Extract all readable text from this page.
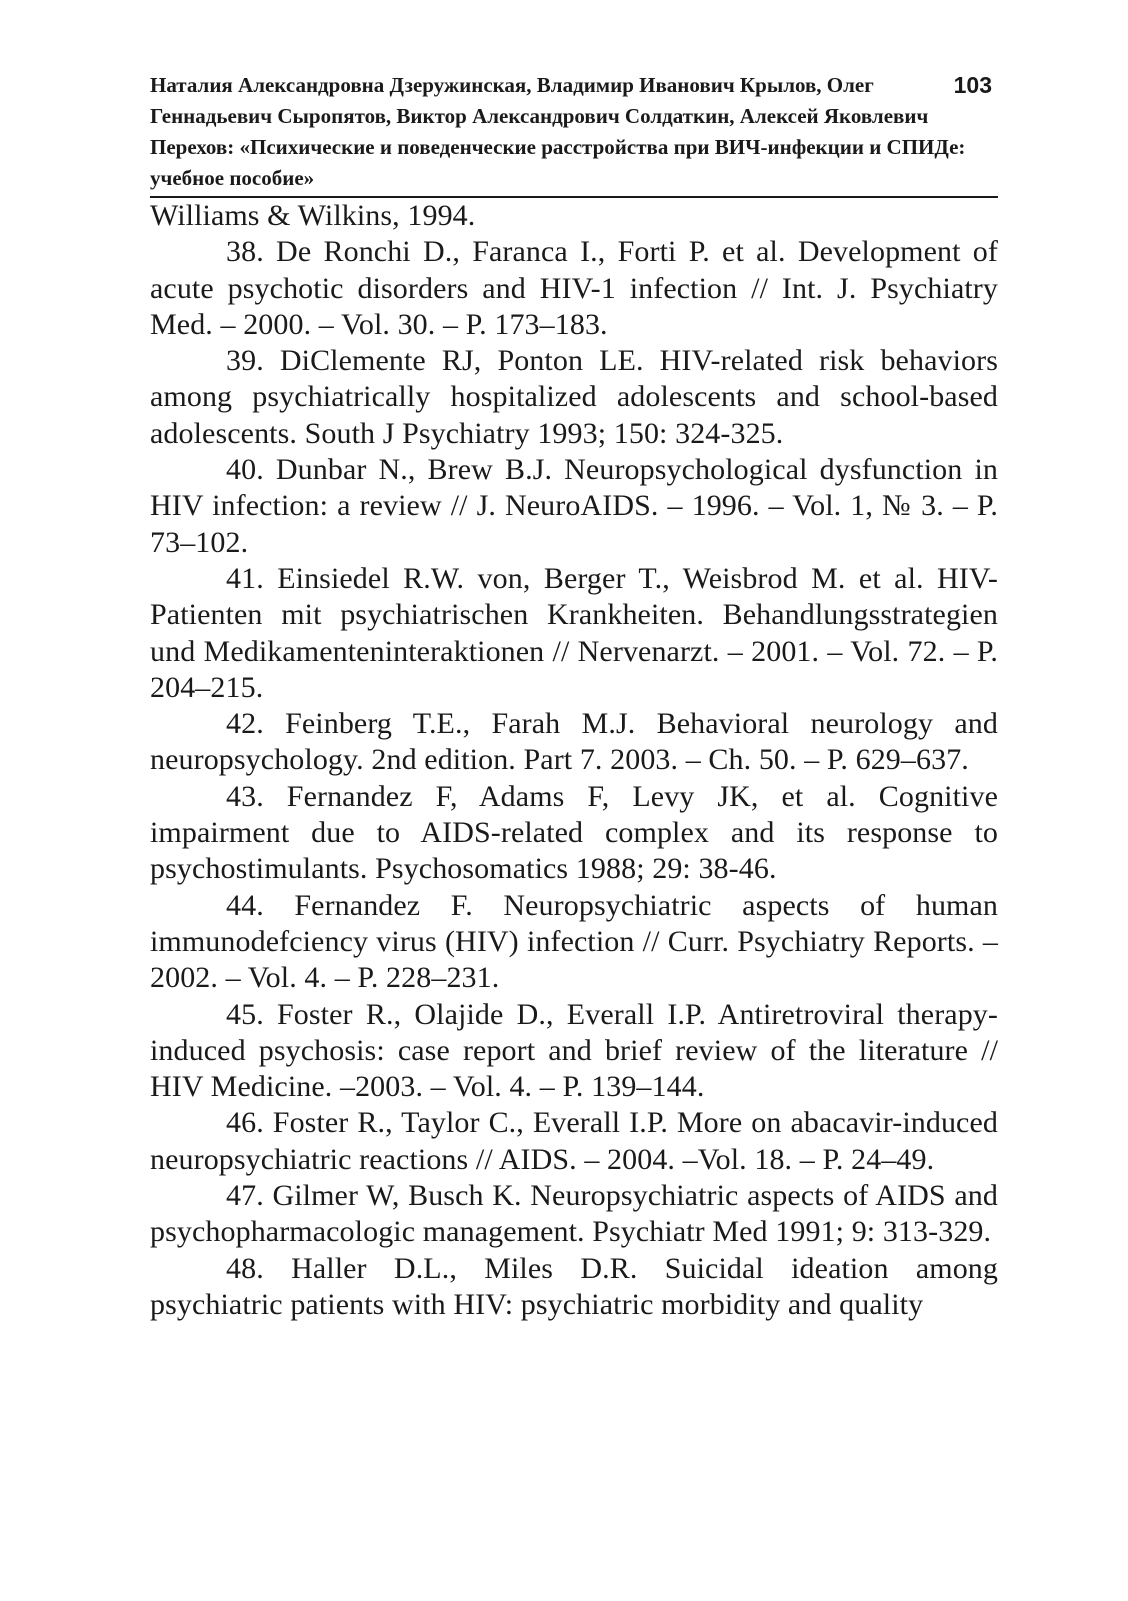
Наталия Александровна Дзеружинская, Владимир Иванович Крылов, Олег Геннадьевич Сыропятов, Виктор Александрович Солдаткин, Алексей Яковлевич Перехов: «Психические и поведенческие расстройства при ВИЧ-инфекции и СПИДе: учебное пособие»
103

Williams & Wilkins, 1994.

38. De Ronchi D., Faranca I., Forti P. et al. Development of acute psychotic disorders and HIV-1 infection // Int. J. Psychiatry Med. – 2000. – Vol. 30. – P. 173–183.

39. DiClemente RJ, Ponton LE. HIV-related risk behaviors among psychiatrically hospitalized adolescents and school-based adolescents. South J Psychiatry 1993; 150: 324-325.

40. Dunbar N., Brew B.J. Neuropsychological dysfunction in HIV infection: a review // J. NeuroAIDS. – 1996. – Vol. 1, № 3. – P. 73–102.

41. Einsiedel R.W. von, Berger T., Weisbrod M. et al. HIV-Patienten mit psychiatrischen Krankheiten. Behandlungsstrategien und Medikamenteninteraktionen // Nervenarzt. – 2001. – Vol. 72. – P. 204–215.

42. Feinberg T.E., Farah M.J. Behavioral neurology and neuropsychology. 2nd edition. Part 7. 2003. – Ch. 50. – P. 629–637.

43. Fernandez F, Adams F, Levy JK, et al. Cognitive impairment due to AIDS-related complex and its response to psychostimulants. Psychosomatics 1988; 29: 38-46.

44. Fernandez F. Neuropsychiatric aspects of human immunodefciency virus (HIV) infection // Curr. Psychiatry Reports. – 2002. – Vol. 4. – P. 228–231.

45. Foster R., Olajide D., Everall I.P. Antiretroviral therapy-induced psychosis: case report and brief review of the literature // HIV Medicine. –2003. – Vol. 4. – P. 139–144.

46. Foster R., Taylor C., Everall I.P. More on abacavir-induced neuropsychiatric reactions // AIDS. – 2004. –Vol. 18. – P. 24–49.

47. Gilmer W, Busch K. Neuropsychiatric aspects of AIDS and psychopharmacologic management. Psychiatr Med 1991; 9: 313-329.

48. Haller D.L., Miles D.R. Suicidal ideation among psychiatric patients with HIV: psychiatric morbidity and quality
